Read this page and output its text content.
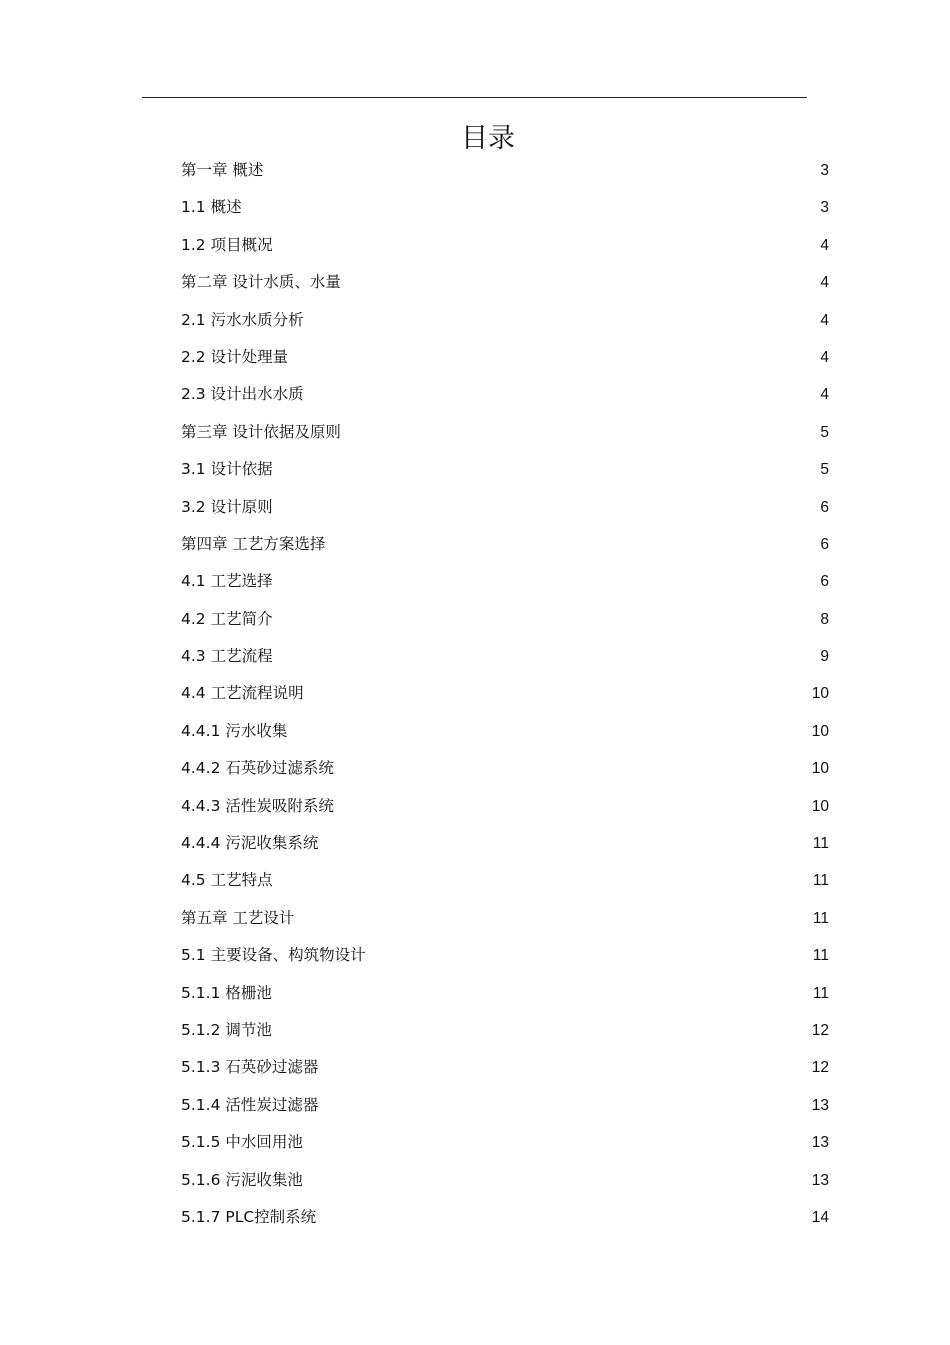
目录
第一章 概述 .....	3
1.1 概述 .....	3
1.2 项目概况 .....	4
第二章 设计水质、水量 .....	4
2.1 污水水质分析 .....	4
2.2 设计处理量 .....	4
2.3 设计出水水质 .....	4
第三章 设计依据及原则 .....	5
3.1 设计依据 .....	5
3.2 设计原则 .....	6
第四章 工艺方案选择 .....	6
4.1 工艺选择 .....	6
4.2 工艺简介 .....	8
4.3 工艺流程 .....	9
4.4 工艺流程说明 .....	10
4.4.1 污水收集 .....	10
4.4.2 石英砂过滤系统 .....	10
4.4.3 活性炭吸附系统 .....	10
4.4.4 污泥收集系统 .....	11
4.5 工艺特点 .....	11
第五章 工艺设计 .....	11
5.1 主要设备、构筑物设计 .....	11
5.1.1 格栅池 .....	11
5.1.2 调节池 .....	12
5.1.3 石英砂过滤器 .....	12
5.1.4 活性炭过滤器 .....	13
5.1.5 中水回用池 .....	13
5.1.6 污泥收集池 .....	13
5.1.7 PLC控制系统 .....	14
